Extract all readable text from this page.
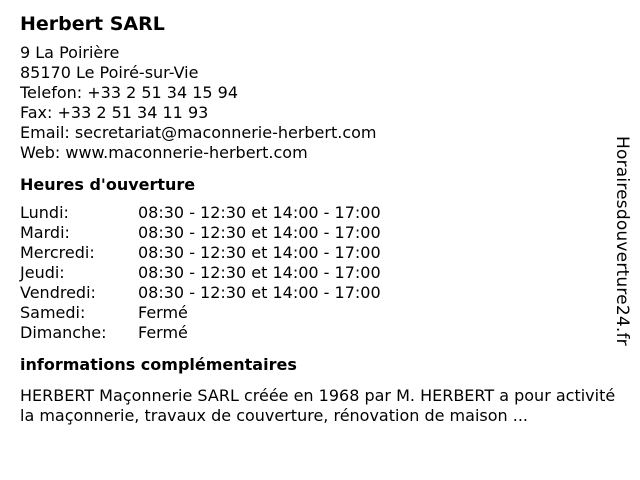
Herbert SARL
9 La Poirière
85170 Le Poiré-sur-Vie
Telefon: +33 2 51 34 15 94
Fax: +33 2 51 34 11 93
Email: secretariat@maconnerie-herbert.com
Web: www.maconnerie-herbert.com
Heures d'ouverture
Lundi:	08:30 - 12:30 et 14:00 - 17:00
Mardi:	08:30 - 12:30 et 14:00 - 17:00
Mercredi:	08:30 - 12:30 et 14:00 - 17:00
Jeudi:	08:30 - 12:30 et 14:00 - 17:00
Vendredi:	08:30 - 12:30 et 14:00 - 17:00
Samedi:	Fermé
Dimanche:	Fermé
informations complémentaires
HERBERT Maçonnerie SARL créée en 1968 par M. HERBERT a pour activité la maçonnerie, travaux de couverture, rénovation de maison ...
Horairesdouverture24.fr
